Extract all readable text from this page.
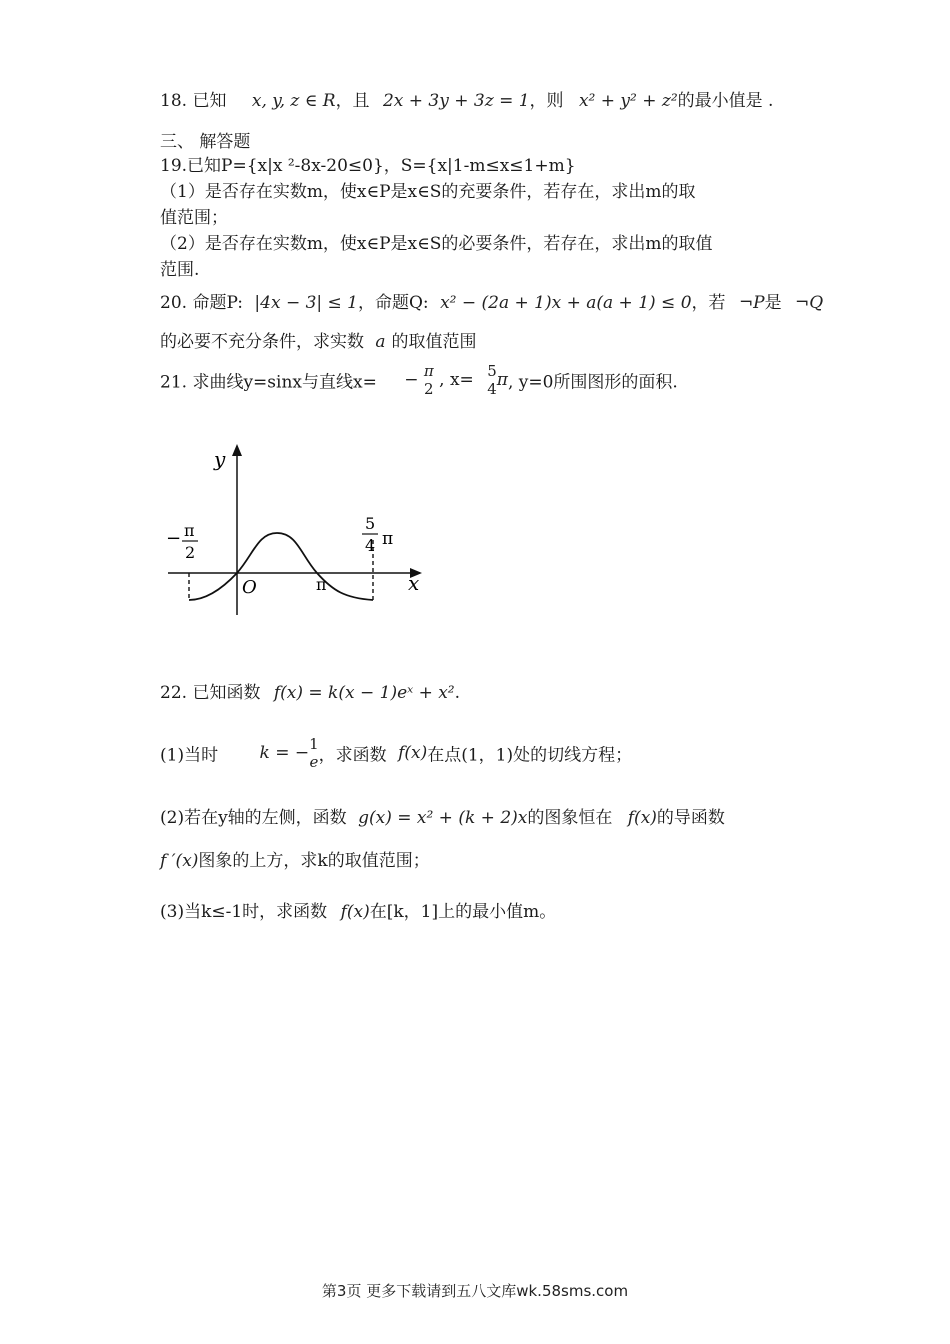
18. 已知 x, y, z ∈ R，且 2x + 3y + 3z = 1，则 x² + y² + z²的最小值是 .
三、 解答题
19.已知P={x|x ²-8x-20≤0}，S={x|1-m≤x≤1+m}
（1）是否存在实数m，使x∈P是x∈S的充要条件，若存在，求出m的取
值范围；
（2）是否存在实数m，使x∈P是x∈S的必要条件，若存在，求出m的取值
范围.
20. 命题P: |4x − 3| ≤ 1，命题Q: x² − (2a + 1)x + a(a + 1) ≤ 0，若 ¬P是 ¬Q
的必要不充分条件，求实数 a 的取值范围
21. 求曲线y=sinx与直线x= − π
2 , x= 5
4 π, y=0所围图形的面积.
y
x
O	π
− π
2
5
4 π
22. 已知函数 f(x) = k(x − 1)eˣ + x².
(1)当时 k = − 1
e ，求函数 f(x)在点(1，1)处的切线方程；
(2)若在y轴的左侧，函数 g(x) = x² + (k + 2)x的图象恒在 f(x)的导函数
f ′(x)图象的上方，求k的取值范围；
(3)当k≤-1时，求函数 f(x)在[k，1]上的最小值m。
第3页 更多下载请到五八文库wk.58sms.com
